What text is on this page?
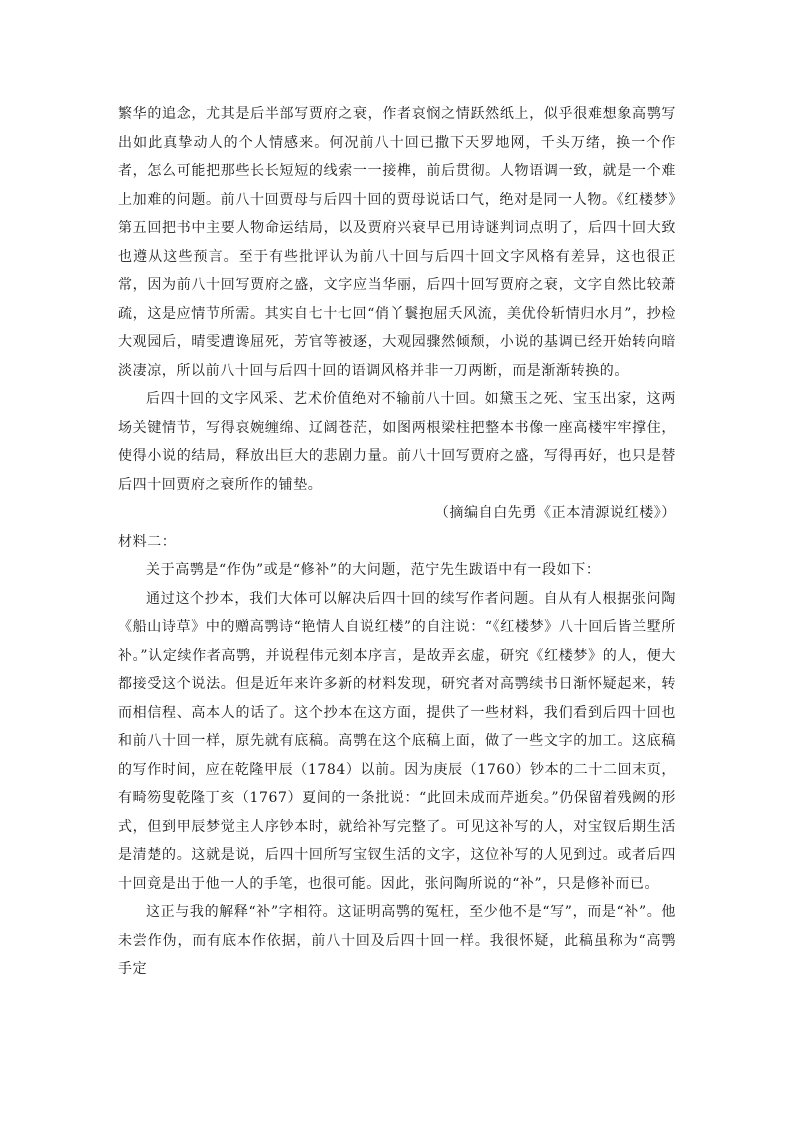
繁华的追念，尤其是后半部写贾府之衰，作者哀悯之情跃然纸上，似乎很难想象高鹗写出如此真挚动人的个人情感来。何况前八十回已撒下天罗地网，千头万绪，换一个作者，怎么可能把那些长长短短的线索一一接榫，前后贯彻。人物语调一致，就是一个难上加难的问题。前八十回贾母与后四十回的贾母说话口气，绝对是同一人物。《红楼梦》第五回把书中主要人物命运结局，以及贾府兴衰早已用诗谜判词点明了，后四十回大致也遵从这些预言。至于有些批评认为前八十回与后四十回文字风格有差异，这也很正常，因为前八十回写贾府之盛，文字应当华丽，后四十回写贾府之衰，文字自然比较萧疏，这是应情节所需。其实自七十七回“俏丫鬟抱屈夭风流，美优伶斩情归水月”，抄检大观园后，晴雯遭谗屈死，芳官等被逐，大观园骤然倾颓，小说的基调已经开始转向暗淡凄凉，所以前八十回与后四十回的语调风格并非一刀两断，而是渐渐转换的。

后四十回的文字风采、艺术价值绝对不输前八十回。如黛玉之死、宝玉出家，这两场关键情节，写得哀婉缠绵、辽阔苍茫，如图两根梁柱把整本书像一座高楼牢牢撑住，使得小说的结局，释放出巨大的悲剧力量。前八十回写贾府之盛，写得再好，也只是替后四十回贾府之衰所作的铺垫。

（摘编自白先勇《正本清源说红楼》）

材料二：

关于高鹗是“作伪”或是“修补”的大问题，范宁先生跋语中有一段如下：

通过这个抄本，我们大体可以解决后四十回的续写作者问题。自从有人根据张问陶《船山诗草》中的赠高鹗诗“艳情人自说红楼”的自注说：“《红楼梦》八十回后皆兰墅所补。”认定续作者高鹗，并说程伟元刻本序言，是故弄玄虚，研究《红楼梦》的人，便大都接受这个说法。但是近年来许多新的材料发现，研究者对高鹗续书日渐怀疑起来，转而相信程、高本人的话了。这个抄本在这方面，提供了一些材料，我们看到后四十回也和前八十回一样，原先就有底稿。高鹗在这个底稿上面，做了一些文字的加工。这底稿的写作时间，应在乾隆甲辰（1784）以前。因为庚辰（1760）钞本的二十二回末页，有畸笏叟乾隆丁亥（1767）夏间的一条批说：“此回未成而芹逝矣。”仍保留着残阙的形式，但到甲辰梦觉主人序钞本时，就给补写完整了。可见这补写的人，对宝钗后期生活是清楚的。这就是说，后四十回所写宝钗生活的文字，这位补写的人见到过。或者后四十回竟是出于他一人的手笔，也很可能。因此，张问陶所说的“补”，只是修补而已。

这正与我的解释“补”字相符。这证明高鹗的冤枉，至少他不是“写”，而是“补”。他未尝作伪，而有底本作依据，前八十回及后四十回一样。我很怀疑，此稿虽称为“高鹗手定
